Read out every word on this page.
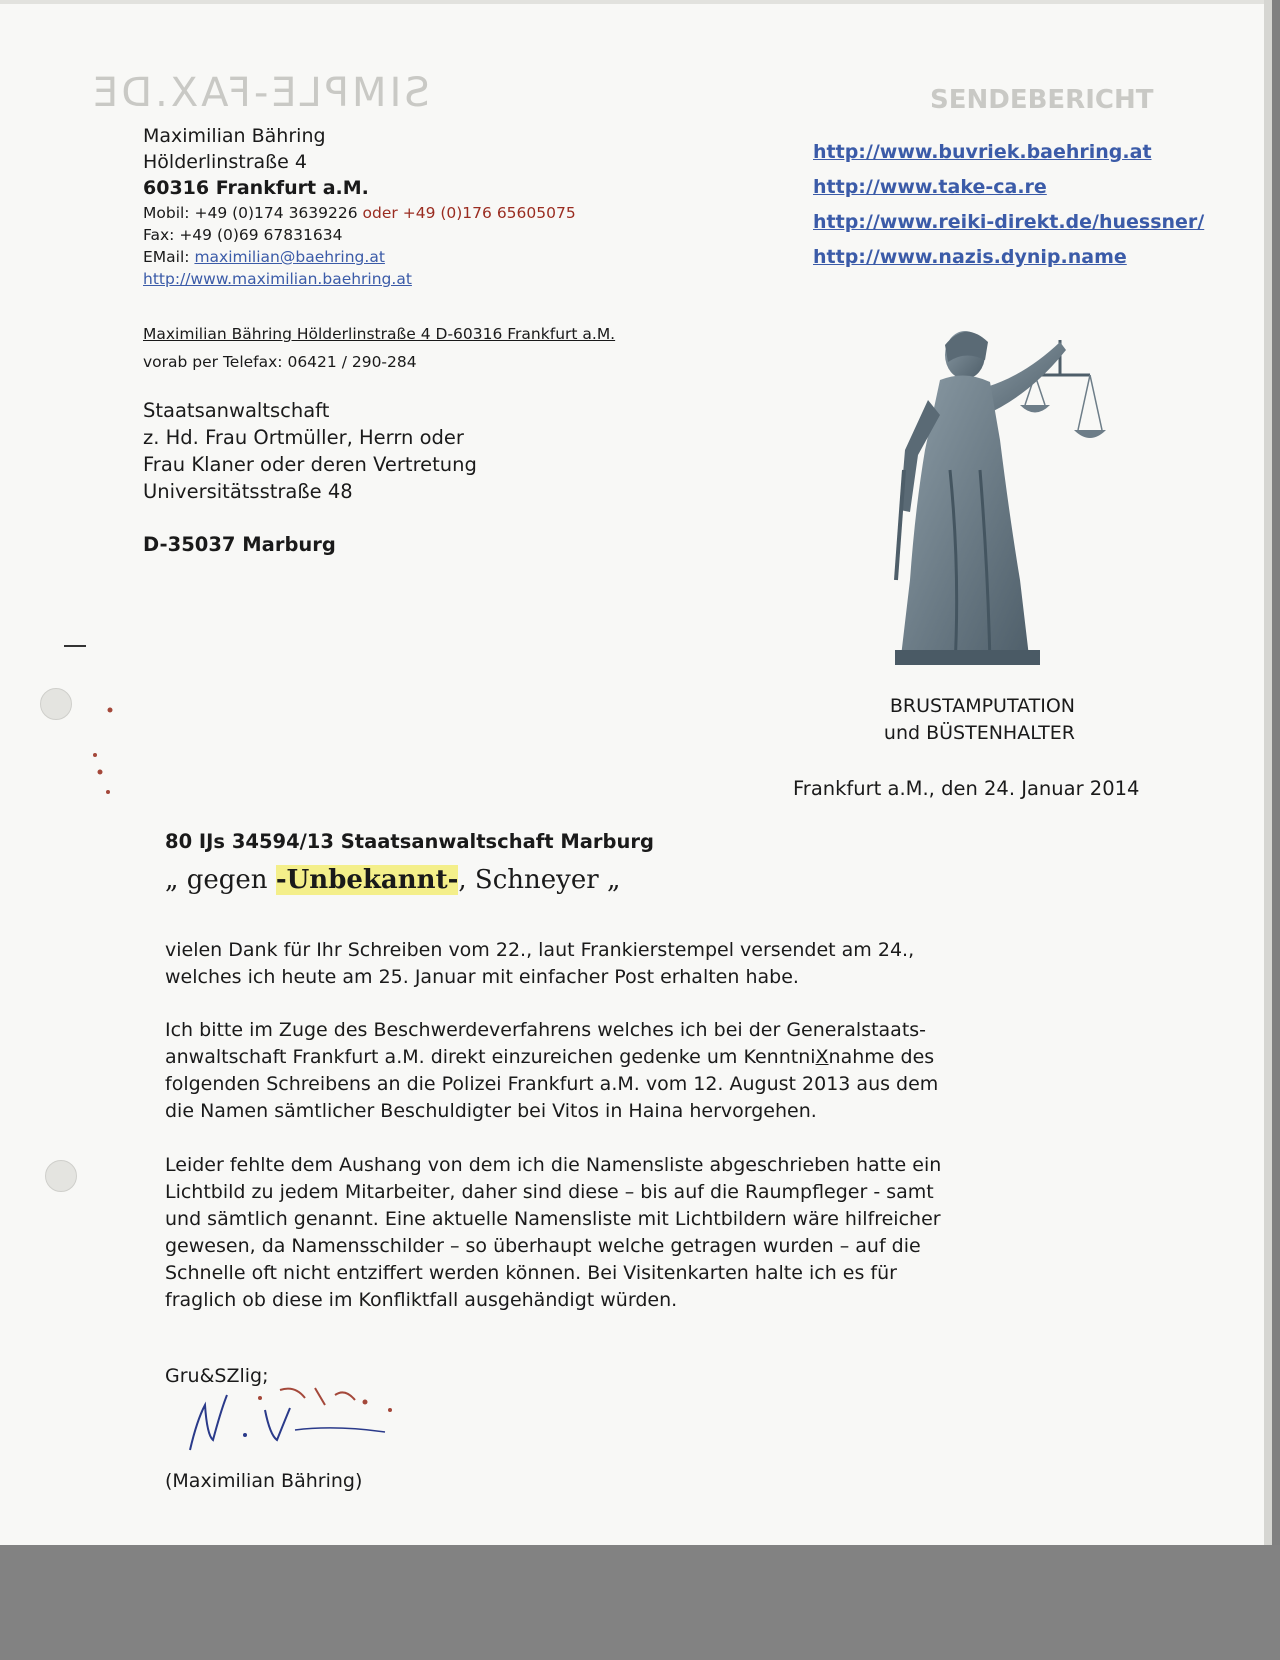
SIMPLE-FAX.DE	SENDEBERICHT
Maximilian Bähring
Hölderlinstraße 4
60316 Frankfurt a.M.
Mobil: +49 (0)174 3639226 oder +49 (0)176 65605075
Fax: +49 (0)69 67831634
EMail: maximilian@baehring.at
http://www.maximilian.baehring.at
http://www.buvriek.baehring.at
http://www.take-ca.re
http://www.reiki-direkt.de/huessner/
http://www.nazis.dynip.name
Maximilian Bähring Hölderlinstraße 4 D-60316 Frankfurt a.M.
vorab per Telefax: 06421 / 290-284
Staatsanwaltschaft
z. Hd. Frau Ortmüller, Herrn oder
Frau Klaner oder deren Vertretung
Universitätsstraße 48
D-35037 Marburg
BRUSTAMPUTATION
und BÜSTENHALTER
Frankfurt a.M., den 24. Januar 2014
80 IJs 34594/13 Staatsanwaltschaft Marburg
„ gegen -Unbekannt-, Schneyer „
vielen Dank für Ihr Schreiben vom 22., laut Frankierstempel versendet am 24., welches ich heute am 25. Januar mit einfacher Post erhalten habe.
Ich bitte im Zuge des Beschwerdeverfahrens welches ich bei der Generalstaats-anwaltschaft Frankfurt a.M. direkt einzureichen gedenke um KenntniXnahme des folgenden Schreibens an die Polizei Frankfurt a.M. vom 12. August 2013 aus dem die Namen sämtlicher Beschuldigter bei Vitos in Haina hervorgehen.
Leider fehlte dem Aushang von dem ich die Namensliste abgeschrieben hatte ein Lichtbild zu jedem Mitarbeiter, daher sind diese – bis auf die Raumpfleger - samt und sämtlich genannt. Eine aktuelle Namensliste mit Lichtbildern wäre hilfreicher gewesen, da Namensschilder – so überhaupt welche getragen wurden – auf die Schnelle oft nicht entziffert werden können. Bei Visitenkarten halte ich es für fraglich ob diese im Konfliktfall ausgehändigt würden.
Gru&SZlig;
(Maximilian Bähring)
